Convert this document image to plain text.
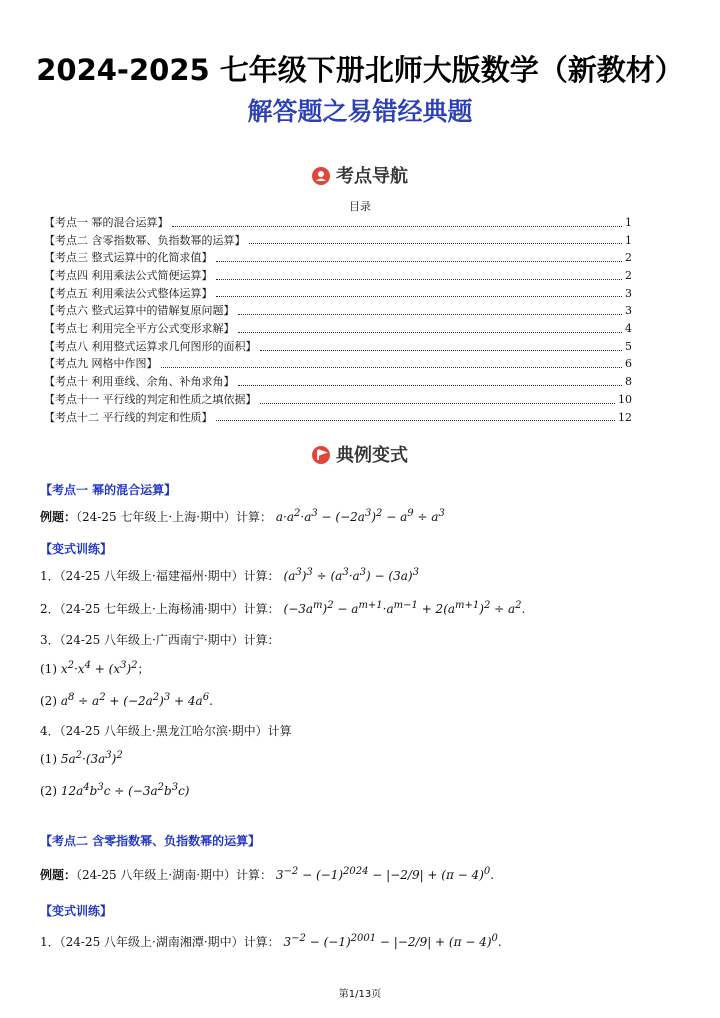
2024-2025 七年级下册北师大版数学（新教材）
解答题之易错经典题
考点导航
目录
【考点一 幂的混合运算】	1
【考点二 含零指数幂、负指数幂的运算】	1
【考点三 整式运算中的化简求值】	2
【考点四 利用乘法公式简便运算】	2
【考点五 利用乘法公式整体运算】	3
【考点六 整式运算中的错解复原问题】	3
【考点七 利用完全平方公式变形求解】	4
【考点八 利用整式运算求几何图形的面积】	5
【考点九 网格中作图】	6
【考点十 利用垂线、余角、补角求角】	8
【考点十一 平行线的判定和性质之填依据】	10
【考点十二 平行线的判定和性质】	12
典例变式
【考点一 幂的混合运算】
例题：（24-25 七年级上·上海·期中）计算： $a\cdot a^2\cdot a^3 - (-2a^3)^2 - a^9 \div a^3$
【变式训练】
1．（24-25 八年级上·福建福州·期中）计算： $(a^3)^3 \div (a^3\cdot a^3) - (3a)^3$
2．（24-25 七年级上·上海杨浦·期中）计算： $(-3a^m)^2 - a^{m+1}\cdot a^{m-1} + 2(a^{m+1})^2 \div a^2$.
3．（24-25 八年级上·广西南宁·期中）计算：
(1) $x^2\cdot x^4 + (x^3)^2$；
(2) $a^8 \div a^2 + (-2a^2)^3 + 4a^6$.
4．（24-25 八年级上·黑龙江哈尔滨·期中）计算
(1) $5a^2\cdot(3a^3)^2$
(2) $12a^4b^3c \div (-3a^2b^3c)$
【考点二 含零指数幂、负指数幂的运算】
例题：（24-25 八年级上·湖南·期中）计算： $3^{-2} - (-1)^{2024} - |-2/9| + (\pi - 4)^0$.
【变式训练】
1．（24-25 八年级上·湖南湘潭·期中）计算： $3^{-2} - (-1)^{2001} - |-2/9| + (\pi - 4)^0$.
第1/13页
